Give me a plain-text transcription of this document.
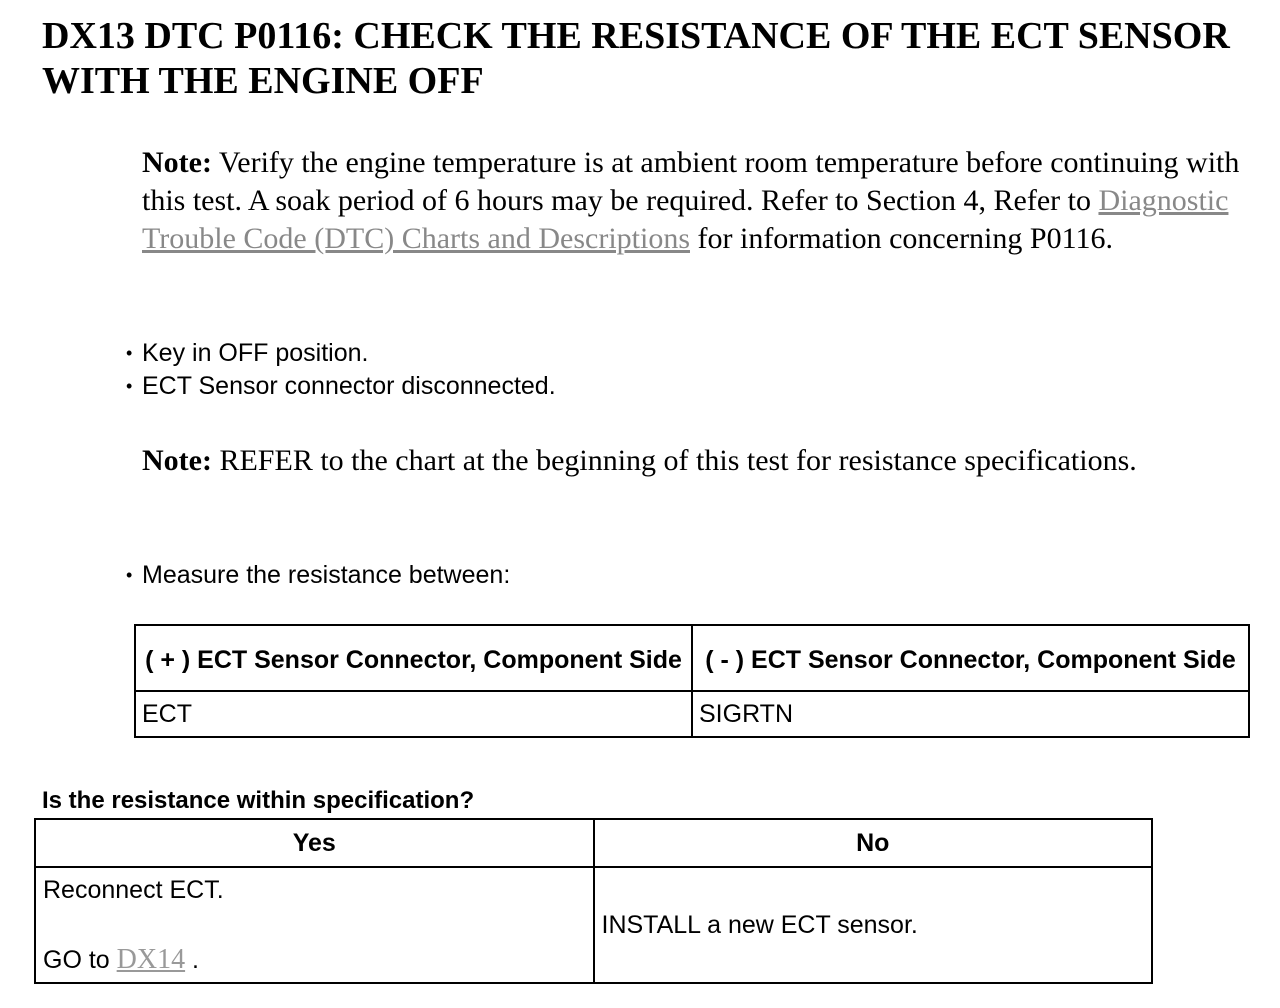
DX13 DTC P0116: CHECK THE RESISTANCE OF THE ECT SENSOR WITH THE ENGINE OFF

Note: Verify the engine temperature is at ambient room temperature before continuing with this test. A soak period of 6 hours may be required. Refer to Section 4, Refer to Diagnostic Trouble Code (DTC) Charts and Descriptions for information concerning P0116.

• Key in OFF position.
• ECT Sensor connector disconnected.

Note: REFER to the chart at the beginning of this test for resistance specifications.

• Measure the resistance between:
( + ) ECT Sensor Connector, Component Side	( - ) ECT Sensor Connector, Component Side
ECT	SIGRTN

Is the resistance within specification?

Yes	No

Reconnect ECT.
GO to DX14 .	INSTALL a new ECT sensor.
